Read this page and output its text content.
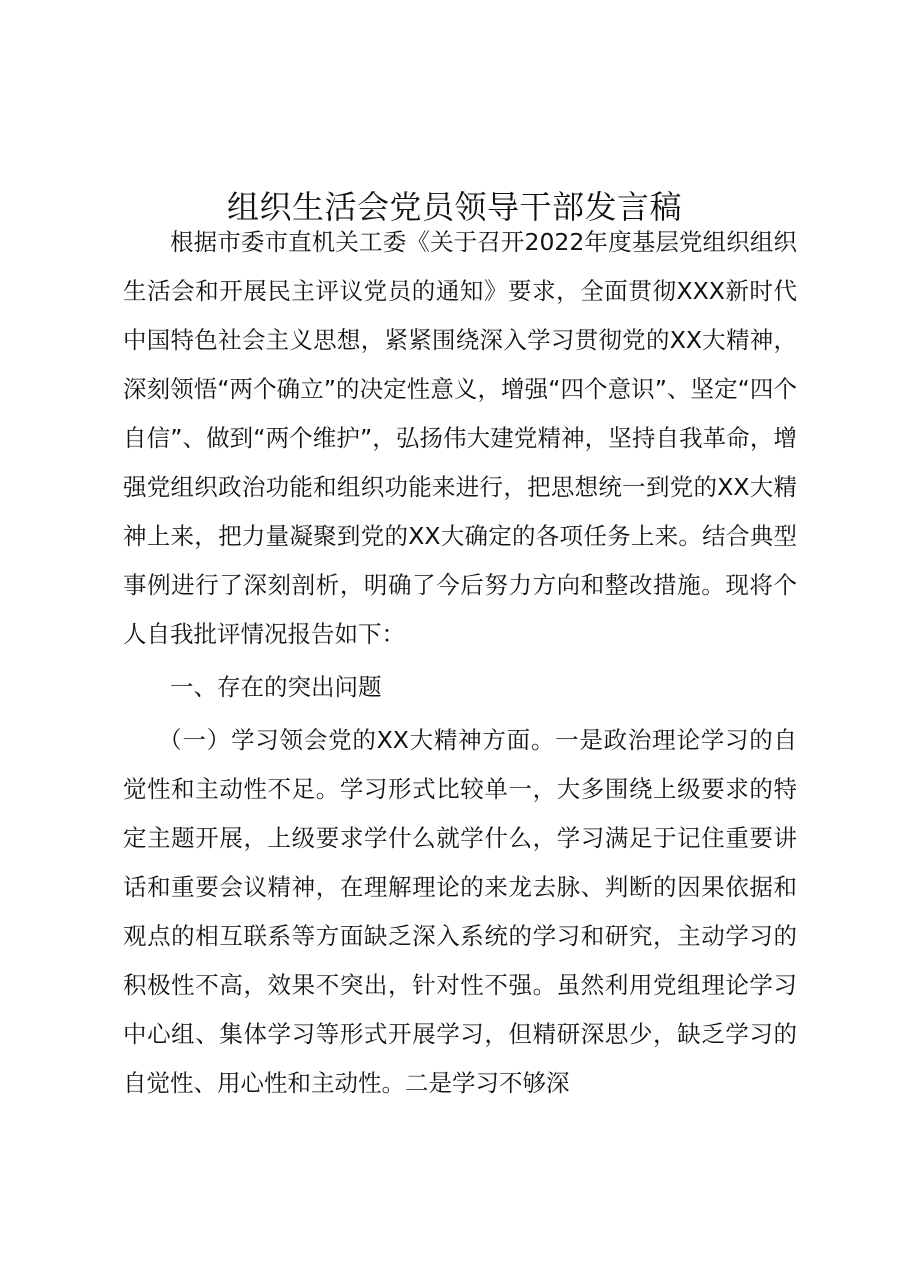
组织生活会党员领导干部发言稿

根据市委市直机关工委《关于召开2022年度基层党组织组织生活会和开展民主评议党员的通知》要求，全面贯彻XXX新时代中国特色社会主义思想，紧紧围绕深入学习贯彻党的XX大精神，深刻领悟“两个确立”的决定性意义，增强“四个意识”、坚定“四个自信”、做到“两个维护”，弘扬伟大建党精神，坚持自我革命，增强党组织政治功能和组织功能来进行，把思想统一到党的XX大精神上来，把力量凝聚到党的XX大确定的各项任务上来。结合典型事例进行了深刻剖析，明确了今后努力方向和整改措施。现将个人自我批评情况报告如下：

一、存在的突出问题

（一）学习领会党的XX大精神方面。一是政治理论学习的自觉性和主动性不足。学习形式比较单一，大多围绕上级要求的特定主题开展，上级要求学什么就学什么，学习满足于记住重要讲话和重要会议精神，在理解理论的来龙去脉、判断的因果依据和观点的相互联系等方面缺乏深入系统的学习和研究，主动学习的积极性不高，效果不突出，针对性不强。虽然利用党组理论学习中心组、集体学习等形式开展学习，但精研深思少，缺乏学习的自觉性、用心性和主动性。二是学习不够深
